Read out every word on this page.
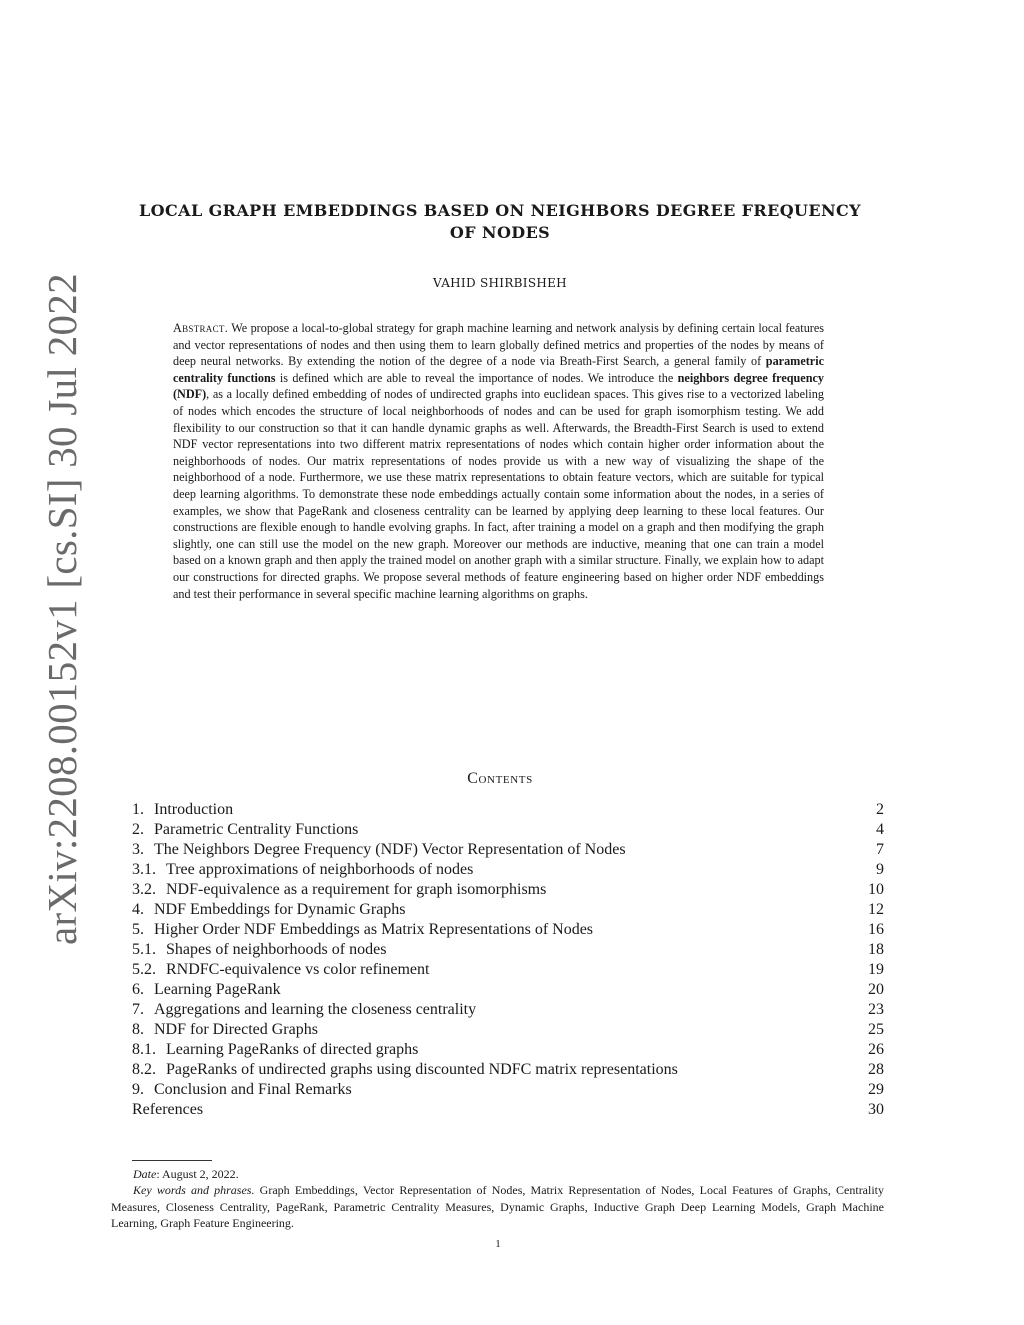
arXiv:2208.00152v1 [cs.SI] 30 Jul 2022
LOCAL GRAPH EMBEDDINGS BASED ON NEIGHBORS DEGREE FREQUENCY
OF NODES
VAHID SHIRBISHEH
Abstract. We propose a local-to-global strategy for graph machine learning and network analysis by defining certain local features and vector representations of nodes and then using them to learn globally defined metrics and properties of the nodes by means of deep neural networks. By extending the notion of the degree of a node via Breath-First Search, a general family of parametric centrality functions is defined which are able to reveal the importance of nodes. We introduce the neighbors degree frequency (NDF), as a locally defined embedding of nodes of undirected graphs into euclidean spaces. This gives rise to a vectorized labeling of nodes which encodes the structure of local neighborhoods of nodes and can be used for graph isomorphism testing. We add flexibility to our construction so that it can handle dynamic graphs as well. Afterwards, the Breadth-First Search is used to extend NDF vector representations into two different matrix representations of nodes which contain higher order information about the neighborhoods of nodes. Our matrix representations of nodes provide us with a new way of visualizing the shape of the neighborhood of a node. Furthermore, we use these matrix representations to obtain feature vectors, which are suitable for typical deep learning algorithms. To demonstrate these node embeddings actually contain some information about the nodes, in a series of examples, we show that PageRank and closeness centrality can be learned by applying deep learning to these local features. Our constructions are flexible enough to handle evolving graphs. In fact, after training a model on a graph and then modifying the graph slightly, one can still use the model on the new graph. Moreover our methods are inductive, meaning that one can train a model based on a known graph and then apply the trained model on another graph with a similar structure. Finally, we explain how to adapt our constructions for directed graphs. We propose several methods of feature engineering based on higher order NDF embeddings and test their performance in several specific machine learning algorithms on graphs.
Contents
1. Introduction	2
2. Parametric Centrality Functions	4
3. The Neighbors Degree Frequency (NDF) Vector Representation of Nodes	7
3.1. Tree approximations of neighborhoods of nodes	9
3.2. NDF-equivalence as a requirement for graph isomorphisms	10
4. NDF Embeddings for Dynamic Graphs	12
5. Higher Order NDF Embeddings as Matrix Representations of Nodes	16
5.1. Shapes of neighborhoods of nodes	18
5.2. RNDFC-equivalence vs color refinement	19
6. Learning PageRank	20
7. Aggregations and learning the closeness centrality	23
8. NDF for Directed Graphs	25
8.1. Learning PageRanks of directed graphs	26
8.2. PageRanks of undirected graphs using discounted NDFC matrix representations	28
9. Conclusion and Final Remarks	29
References	30
Date: August 2, 2022.
Key words and phrases. Graph Embeddings, Vector Representation of Nodes, Matrix Representation of Nodes, Local Features of Graphs, Centrality Measures, Closeness Centrality, PageRank, Parametric Centrality Measures, Dynamic Graphs, Inductive Graph Deep Learning Models, Graph Machine Learning, Graph Feature Engineering.
1
